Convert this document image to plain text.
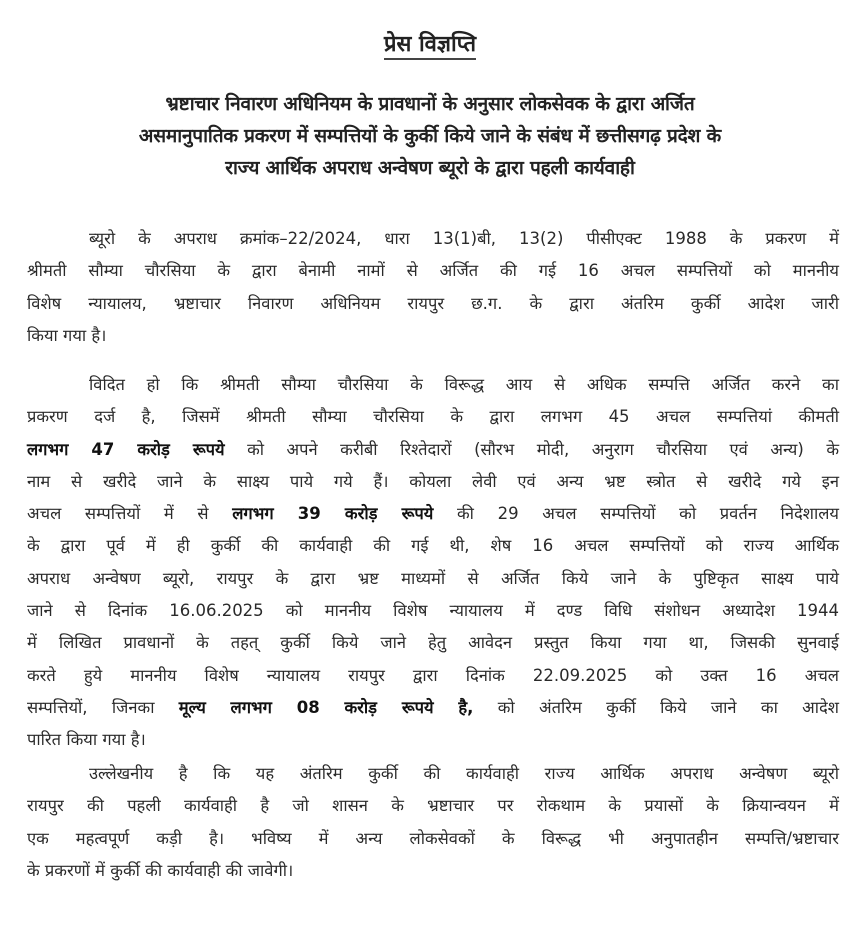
प्रेस विज्ञप्ति
भ्रष्टाचार निवारण अधिनियम के प्रावधानों के अनुसार लोकसेवक के द्वारा अर्जित
असमानुपातिक प्रकरण में सम्पत्तियों के कुर्की किये जाने के संबंध में छत्तीसगढ़ प्रदेश के
राज्य आर्थिक अपराध अन्वेषण ब्यूरो के द्वारा पहली कार्यवाही
ब्यूरो के अपराध क्रमांक–22/2024, धारा 13(1)बी, 13(2) पीसीएक्ट 1988 के प्रकरण में
श्रीमती सौम्या चौरसिया के द्वारा बेनामी नामों से अर्जित की गई 16 अचल सम्पत्तियों को माननीय
विशेष न्यायालय, भ्रष्टाचार निवारण अधिनियम रायपुर छ.ग. के द्वारा अंतरिम कुर्की आदेश जारी
किया गया है।
विदित हो कि श्रीमती सौम्या चौरसिया के विरूद्ध आय से अधिक सम्पत्ति अर्जित करने का
प्रकरण दर्ज है, जिसमें श्रीमती सौम्या चौरसिया के द्वारा लगभग 45 अचल सम्पत्तियां कीमती
लगभग 47 करोड़ रूपये को अपने करीबी रिश्तेदारों (सौरभ मोदी, अनुराग चौरसिया एवं अन्य) के
नाम से खरीदे जाने के साक्ष्य पाये गये हैं। कोयला लेवी एवं अन्य भ्रष्ट स्त्रोत से खरीदे गये इन
अचल सम्पत्तियों में से लगभग 39 करोड़ रूपये की 29 अचल सम्पत्तियों को प्रवर्तन निदेशालय
के द्वारा पूर्व में ही कुर्की की कार्यवाही की गई थी, शेष 16 अचल सम्पत्तियों को राज्य आर्थिक
अपराध अन्वेषण ब्यूरो, रायपुर के द्वारा भ्रष्ट माध्यमों से अर्जित किये जाने के पुष्टिकृत साक्ष्य पाये
जाने से दिनांक 16.06.2025 को माननीय विशेष न्यायालय में दण्ड विधि संशोधन अध्यादेश 1944
में लिखित प्रावधानों के तहत् कुर्की किये जाने हेतु आवेदन प्रस्तुत किया गया था, जिसकी सुनवाई
करते हुये माननीय विशेष न्यायालय रायपुर द्वारा दिनांक 22.09.2025 को उक्त 16 अचल
सम्पत्तियों, जिनका मूल्य लगभग 08 करोड़ रूपये है, को अंतरिम कुर्की किये जाने का आदेश
पारित किया गया है।
उल्लेखनीय है कि यह अंतरिम कुर्की की कार्यवाही राज्य आर्थिक अपराध अन्वेषण ब्यूरो
रायपुर की पहली कार्यवाही है जो शासन के भ्रष्टाचार पर रोकथाम के प्रयासों के क्रियान्वयन में
एक महत्वपूर्ण कड़ी है। भविष्य में अन्य लोकसेवकों के विरूद्ध भी अनुपातहीन सम्पत्ति/भ्रष्टाचार
के प्रकरणों में कुर्की की कार्यवाही की जावेगी।
